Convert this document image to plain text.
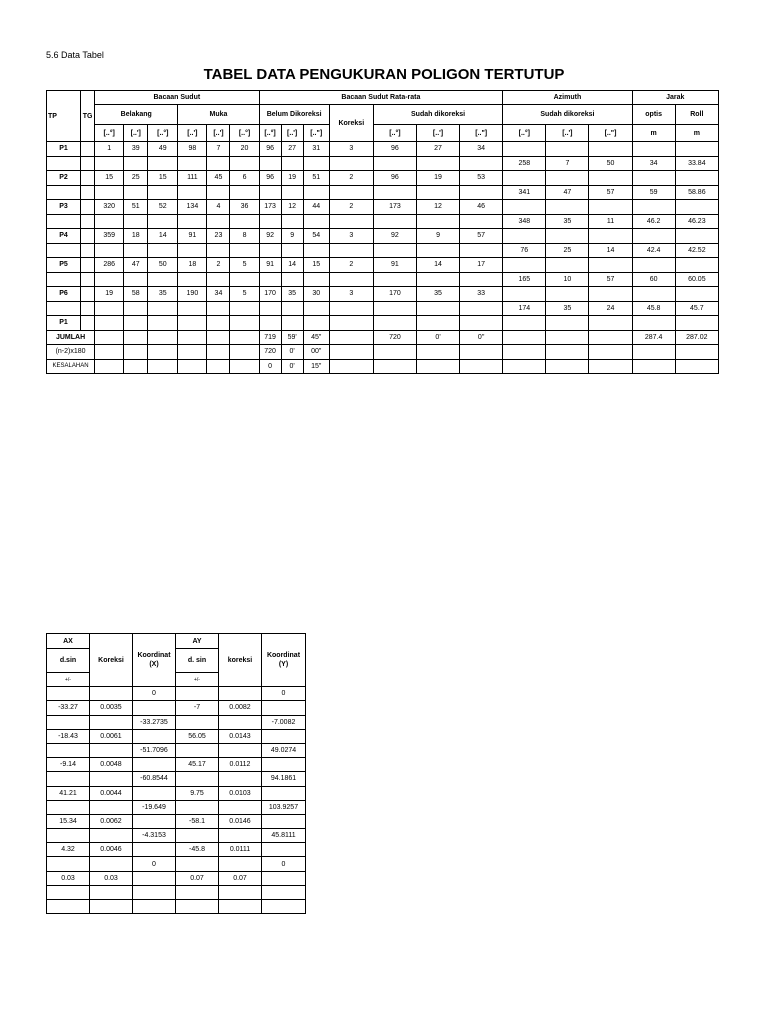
5.6 Data Tabel
TABEL DATA PENGUKURAN POLIGON TERTUTUP
TP	TG	Bacaan Sudut						Bacaan Sudut Rata-rata							Azimuth			Jarak	
		Belakang			Muka			Belum Dikoreksi			Koreksi	Sudah dikoreksi			Sudah dikoreksi			optis	Roll
		[..°]	[..']	[..°]	[..']	[..']	[..°]	[..°]	[..']	[.."]		[..°]	[..']	[.."]	[..°]	[..']	[.."]	m	m
P1		1	39	49	98	7	20	96	27	31	3	96	27	34					
															258	7	50	34	33.84
P2		15	25	15	111	45	6	96	19	51	2	96	19	53					
															341	47	57	59	58.86
P3		320	51	52	134	4	36	173	12	44	2	173	12	46					
															348	35	11	46.2	46.23
P4		359	18	14	91	23	8	92	9	54	3	92	9	57					
															76	25	14	42.4	42.52
P5		286	47	50	18	2	5	91	14	15	2	91	14	17					
															165	10	57	60	60.05
P6		19	58	35	190	34	5	170	35	30	3	170	35	33					
															174	35	24	45.8	45.7
P1																			
JUMLAH								719	59'	45"		720	0'	0''				287.4	287.02
(n-2)x180								720	0'	00"									
KESALAHAN								0	0'	15"									
AX	Koreksi	Koordinat (X)	AY	koreksi	Koordinat (Y)
d.sin			d. sin		
+/-			+/-		
		0			0
-33.27	0.0035		-7	0.0082	
		-33.2735			-7.0082
-18.43	0.0061		56.05	0.0143	
		-51.7096			49.0274
-9.14	0.0048		45.17	0.0112	
		-60.8544			94.1861
41.21	0.0044		9.75	0.0103	
		-19.649			103.9257
15.34	0.0062		-58.1	0.0146	
		-4.3153			45.8111
4.32	0.0046		-45.8	0.0111	
		0			0
0.03	0.03		0.07	0.07	
